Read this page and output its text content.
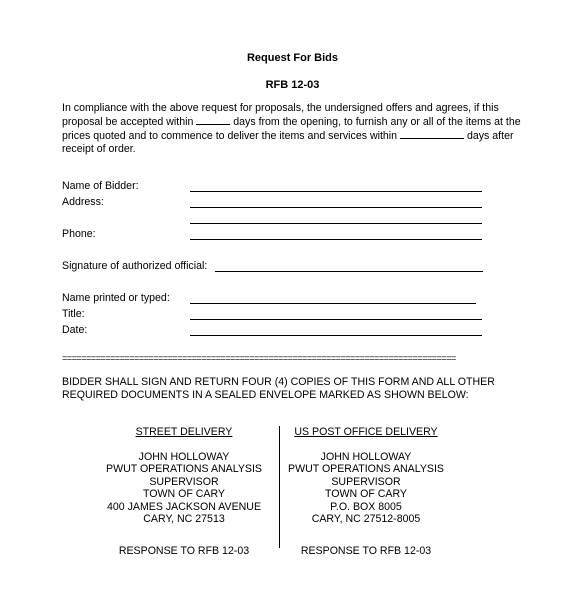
Request For Bids
RFB 12-03

In compliance with the above request for proposals, the undersigned offers and agrees, if this

proposal be accepted within	days from the opening, to furnish any or all of the items at the

prices quoted and to commence to deliver the items and services within	days after

receipt of order.

Name of Bidder:
Address:
Phone:
Signature of authorized official:
Name printed or typed:
Title:
Date:
==================================================================================
BIDDER SHALL SIGN AND RETURN FOUR (4) COPIES OF THIS FORM AND ALL OTHER
REQUIRED DOCUMENTS IN A SEALED ENVELOPE MARKED AS SHOWN BELOW:
STREET DELIVERY
JOHN HOLLOWAY
PWUT OPERATIONS ANALYSIS
SUPERVISOR
TOWN OF CARY
400 JAMES JACKSON AVENUE
CARY, NC 27513
RESPONSE TO RFB 12-03
US POST OFFICE DELIVERY
JOHN HOLLOWAY
PWUT OPERATIONS ANALYSIS
SUPERVISOR
TOWN OF CARY
P.O. BOX 8005
CARY, NC 27512-8005
RESPONSE TO RFB 12-03
